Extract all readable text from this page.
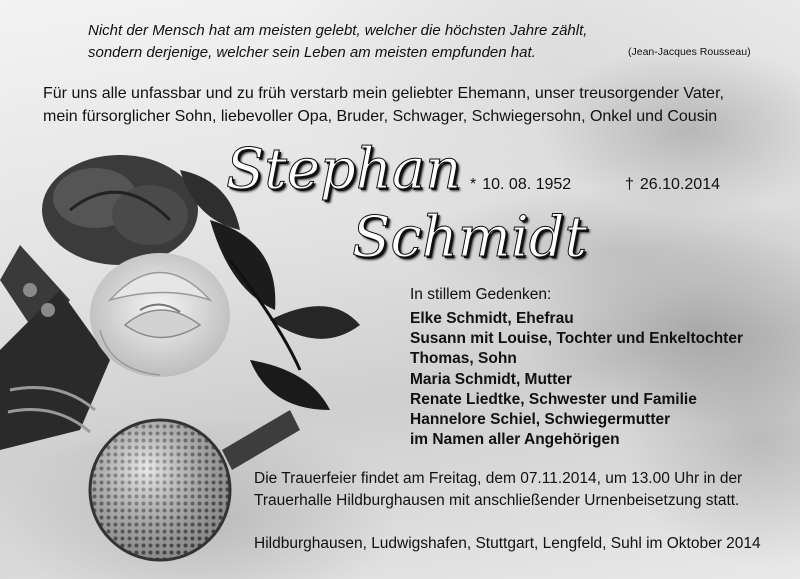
Nicht der Mensch hat am meisten gelebt, welcher die höchsten Jahre zählt,
sondern derjenige, welcher sein Leben am meisten empfunden hat.	(Jean-Jacques Rousseau)
Für uns alle unfassbar und zu früh verstarb mein geliebter Ehemann, unser treusorgender Vater,
mein fürsorglicher Sohn, liebevoller Opa, Bruder, Schwager, Schwiegersohn, Onkel und Cousin
Stephan
Schmidt
* 10. 08. 1952	† 26.10.2014
In stillem Gedenken:
Elke Schmidt, Ehefrau
Susann mit Louise, Tochter und Enkeltochter
Thomas, Sohn
Maria Schmidt, Mutter
Renate Liedtke, Schwester und Familie
Hannelore Schiel, Schwiegermutter
im Namen aller Angehörigen
Die Trauerfeier findet am Freitag, dem 07.11.2014, um 13.00 Uhr in der
Trauerhalle Hildburghausen mit anschließender Urnenbeisetzung statt.
Hildburghausen, Ludwigshafen, Stuttgart, Lengfeld, Suhl im Oktober 2014
